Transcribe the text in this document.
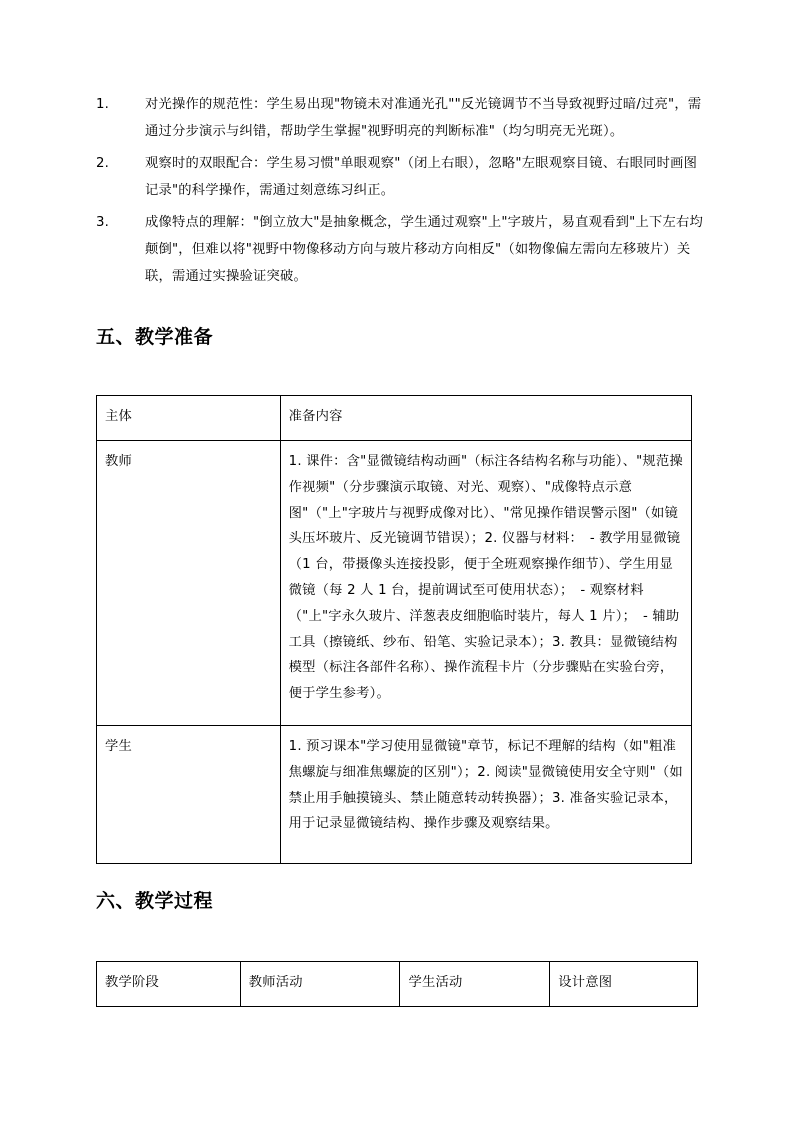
1.	对光操作的规范性：学生易出现"物镜未对准通光孔""反光镜调节不当导致视野过暗/过亮"，需通过分步演示与纠错，帮助学生掌握"视野明亮的判断标准"（均匀明亮无光斑）。
2.	观察时的双眼配合：学生易习惯"单眼观察"（闭上右眼），忽略"左眼观察目镜、右眼同时画图记录"的科学操作，需通过刻意练习纠正。
3.	成像特点的理解："倒立放大"是抽象概念，学生通过观察"上"字玻片，易直观看到"上下左右均颠倒"，但难以将"视野中物像移动方向与玻片移动方向相反"（如物像偏左需向左移玻片）关联，需通过实操验证突破。
五、教学准备
主体	准备内容
教师	1. 课件：含"显微镜结构动画"（标注各结构名称与功能）、"规范操作视频"（分步骤演示取镜、对光、观察）、"成像特点示意图"（"上"字玻片与视野成像对比）、"常见操作错误警示图"（如镜头压坏玻片、反光镜调节错误）；2. 仪器与材料：　- 教学用显微镜（1 台，带摄像头连接投影，便于全班观察操作细节）、学生用显微镜（每 2 人 1 台，提前调试至可使用状态）；　- 观察材料（"上"字永久玻片、洋葱表皮细胞临时装片，每人 1 片）；　- 辅助工具（擦镜纸、纱布、铅笔、实验记录本）；3. 教具：显微镜结构模型（标注各部件名称）、操作流程卡片（分步骤贴在实验台旁，便于学生参考）。
学生	1. 预习课本"学习使用显微镜"章节，标记不理解的结构（如"粗准焦螺旋与细准焦螺旋的区别"）；2. 阅读"显微镜使用安全守则"（如禁止用手触摸镜头、禁止随意转动转换器）；3. 准备实验记录本，用于记录显微镜结构、操作步骤及观察结果。
六、教学过程
教学阶段	教师活动	学生活动	设计意图
